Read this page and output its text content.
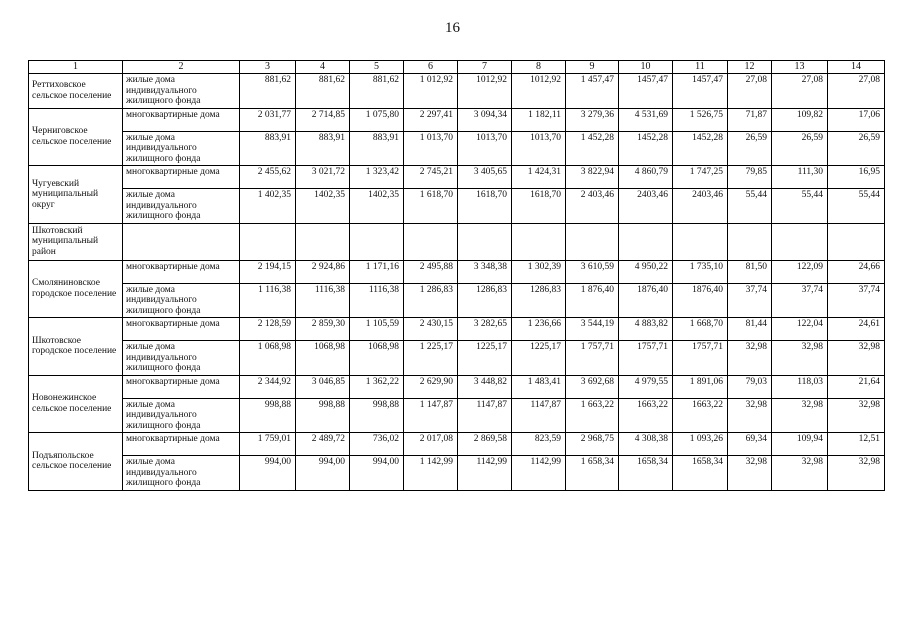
16
1	2	3	4	5	6	7	8	9	10	11	12	13	14
Реттиховское сельское поселение	жилые дома индивидуального жилищного фонда	881,62	881,62	881,62	1 012,92	1012,92	1012,92	1 457,47	1457,47	1457,47	27,08	27,08	27,08
Черниговское сельское поселение	многоквартирные дома	2 031,77	2 714,85	1 075,80	2 297,41	3 094,34	1 182,11	3 279,36	4 531,69	1 526,75	71,87	109,82	17,06
	жилые дома индивидуального жилищного фонда	883,91	883,91	883,91	1 013,70	1013,70	1013,70	1 452,28	1452,28	1452,28	26,59	26,59	26,59
Чугуевский муниципальный округ	многоквартирные дома	2 455,62	3 021,72	1 323,42	2 745,21	3 405,65	1 424,31	3 822,94	4 860,79	1 747,25	79,85	111,30	16,95
	жилые дома индивидуального жилищного фонда	1 402,35	1402,35	1402,35	1 618,70	1618,70	1618,70	2 403,46	2403,46	2403,46	55,44	55,44	55,44
Шкотовский муниципальный район													
Смоляниновское городское поселение	многоквартирные дома	2 194,15	2 924,86	1 171,16	2 495,88	3 348,38	1 302,39	3 610,59	4 950,22	1 735,10	81,50	122,09	24,66
	жилые дома индивидуального жилищного фонда	1 116,38	1116,38	1116,38	1 286,83	1286,83	1286,83	1 876,40	1876,40	1876,40	37,74	37,74	37,74
Шкотовское городское поселение	многоквартирные дома	2 128,59	2 859,30	1 105,59	2 430,15	3 282,65	1 236,66	3 544,19	4 883,82	1 668,70	81,44	122,04	24,61
	жилые дома индивидуального жилищного фонда	1 068,98	1068,98	1068,98	1 225,17	1225,17	1225,17	1 757,71	1757,71	1757,71	32,98	32,98	32,98
Новонежинское сельское поселение	многоквартирные дома	2 344,92	3 046,85	1 362,22	2 629,90	3 448,82	1 483,41	3 692,68	4 979,55	1 891,06	79,03	118,03	21,64
	жилые дома индивидуального жилищного фонда	998,88	998,88	998,88	1 147,87	1147,87	1147,87	1 663,22	1663,22	1663,22	32,98	32,98	32,98
Подъяпольское сельское поселение	многоквартирные дома	1 759,01	2 489,72	736,02	2 017,08	2 869,58	823,59	2 968,75	4 308,38	1 093,26	69,34	109,94	12,51
	жилые дома индивидуального жилищного фонда	994,00	994,00	994,00	1 142,99	1142,99	1142,99	1 658,34	1658,34	1658,34	32,98	32,98	32,98
